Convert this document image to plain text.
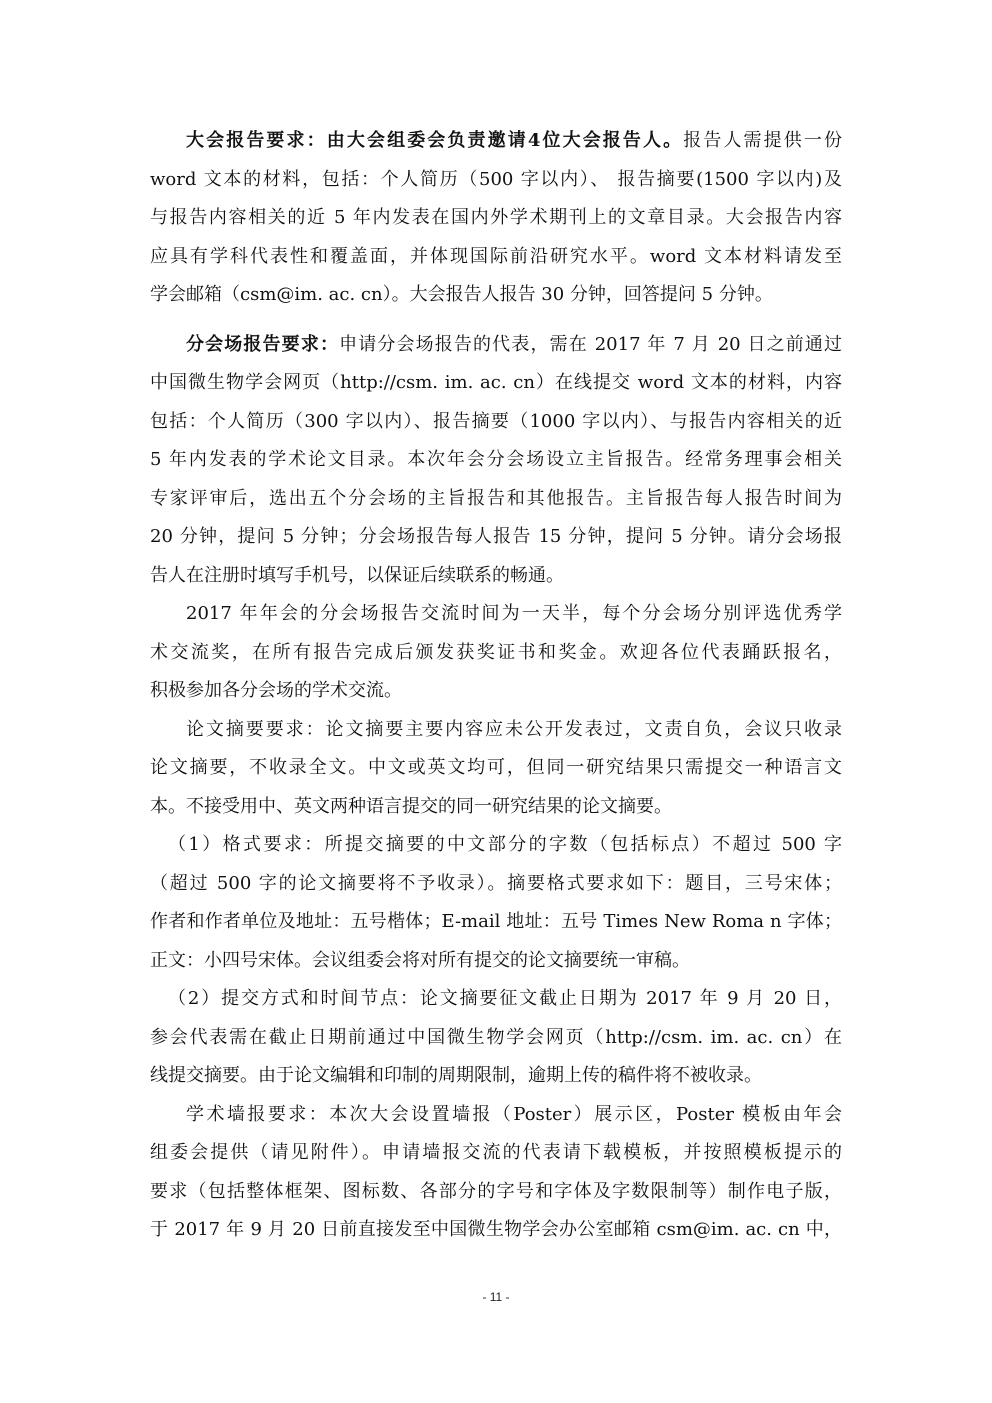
大会报告要求：由大会组委会负责邀请4位大会报告人。报告人需提供一份
word 文本的材料，包括：个人简历（500 字以内）、 报告摘要(1500 字以内)及
与报告内容相关的近 5 年内发表在国内外学术期刊上的文章目录。大会报告内容
应具有学科代表性和覆盖面，并体现国际前沿研究水平。word 文本材料请发至
学会邮箱（csm@im. ac. cn）。大会报告人报告 30 分钟，回答提问 5 分钟。

分会场报告要求：申请分会场报告的代表，需在 2017 年 7 月 20 日之前通过
中国微生物学会网页（http://csm. im. ac. cn）在线提交 word 文本的材料，内容
包括：个人简历（300 字以内）、报告摘要（1000 字以内）、与报告内容相关的近
5 年内发表的学术论文目录。本次年会分会场设立主旨报告。经常务理事会相关
专家评审后，选出五个分会场的主旨报告和其他报告。主旨报告每人报告时间为
20 分钟，提问 5 分钟；分会场报告每人报告 15 分钟，提问 5 分钟。请分会场报
告人在注册时填写手机号，以保证后续联系的畅通。

2017 年年会的分会场报告交流时间为一天半，每个分会场分别评选优秀学
术交流奖，在所有报告完成后颁发获奖证书和奖金。欢迎各位代表踊跃报名，
积极参加各分会场的学术交流。

论文摘要要求：论文摘要主要内容应未公开发表过，文责自负，会议只收录
论文摘要，不收录全文。中文或英文均可，但同一研究结果只需提交一种语言文
本。不接受用中、英文两种语言提交的同一研究结果的论文摘要。

（1）格式要求：所提交摘要的中文部分的字数（包括标点）不超过 500 字
（超过 500 字的论文摘要将不予收录）。摘要格式要求如下：题目，三号宋体；
作者和作者单位及地址：五号楷体；E-mail 地址：五号 Times New Roma n 字体；
正文：小四号宋体。会议组委会将对所有提交的论文摘要统一审稿。

（2）提交方式和时间节点：论文摘要征文截止日期为 2017 年 9 月 20 日，
参会代表需在截止日期前通过中国微生物学会网页（http://csm. im. ac. cn）在
线提交摘要。由于论文编辑和印制的周期限制，逾期上传的稿件将不被收录。

学术墙报要求：本次大会设置墙报（Poster）展示区，Poster 模板由年会
组委会提供（请见附件）。申请墙报交流的代表请下载模板，并按照模板提示的
要求（包括整体框架、图标数、各部分的字号和字体及字数限制等）制作电子版，
于 2017 年 9 月 20 日前直接发至中国微生物学会办公室邮箱 csm@im. ac. cn 中，

- 11 -
